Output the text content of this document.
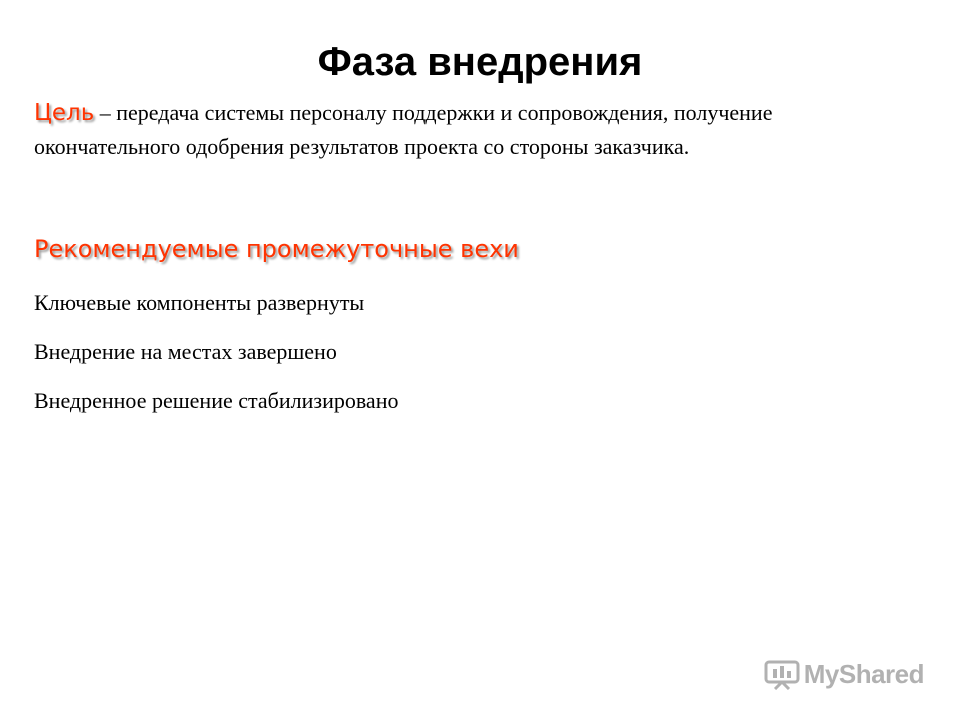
Фаза внедрения
Цель – передача системы персоналу поддержки и сопровождения, получение окончательного одобрения результатов проекта со стороны заказчика.
Рекомендуемые промежуточные вехи
Ключевые компоненты развернуты
Внедрение на местах завершено
Внедренное решение стабилизировано
MyShared
